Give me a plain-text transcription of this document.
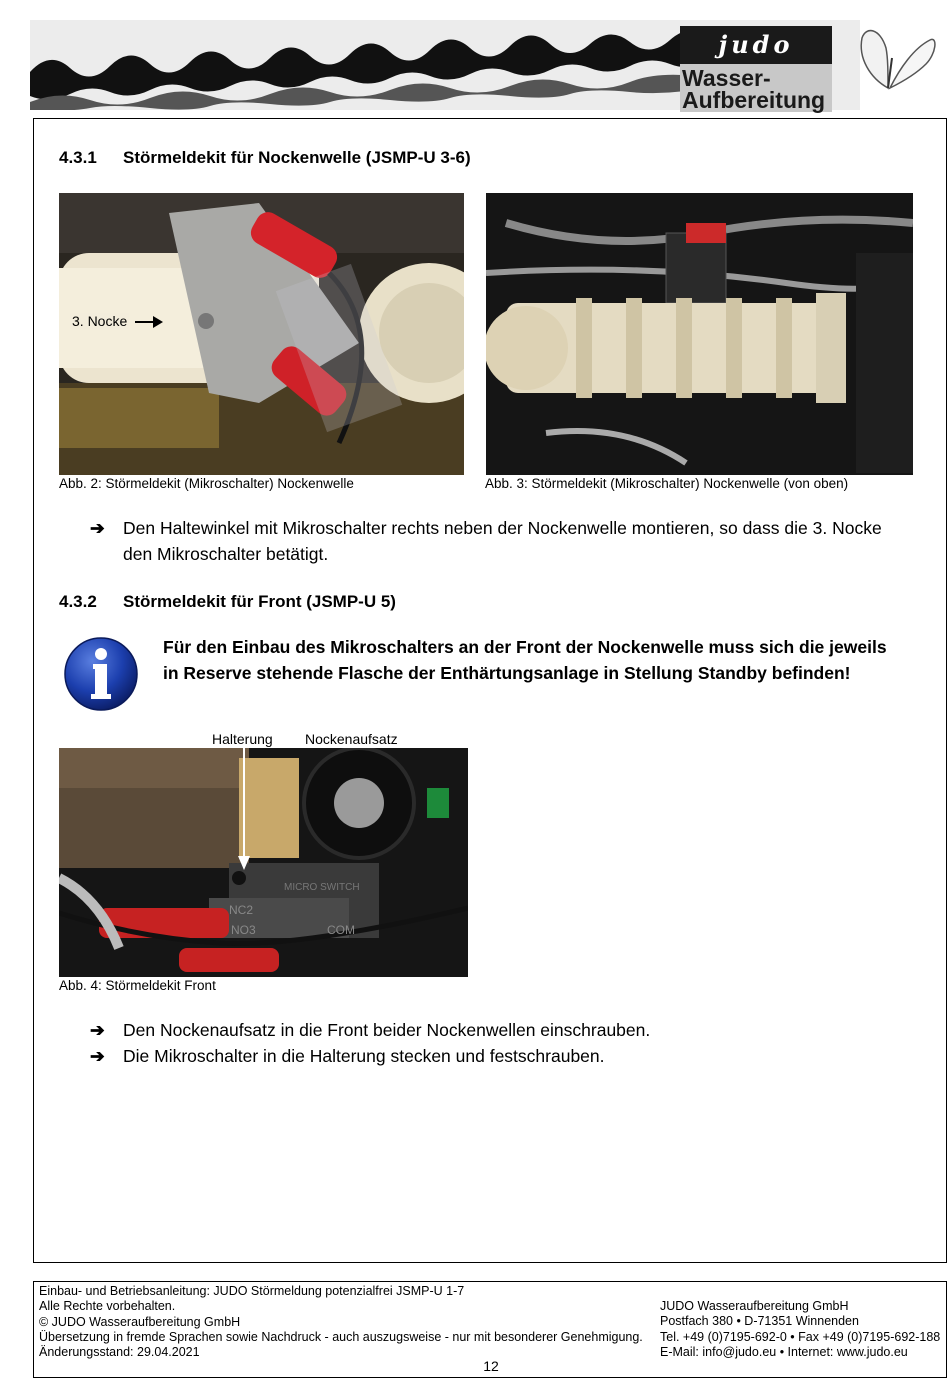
judo
Wasser-
Aufbereitung
4.3.1 Störmeldekit für Nockenwelle (JSMP-U 3-6)
3. Nocke
Abb. 2: Störmeldekit (Mikroschalter) Nockenwelle	Abb. 3: Störmeldekit (Mikroschalter) Nockenwelle (von oben)
➔ Den Haltewinkel mit Mikroschalter rechts neben der Nockenwelle montieren, so dass die 3. Nocke
den Mikroschalter betätigt.
4.3.2 Störmeldekit für Front (JSMP-U 5)
Für den Einbau des Mikroschalters an der Front der Nockenwelle muss sich die jeweils
in Reserve stehende Flasche der Enthärtungsanlage in Stellung Standby befinden!
Halterung Nockenaufsatz
MICRO SWITCH
NC2
NO3	COM
Abb. 4: Störmeldekit Front
➔ Den Nockenaufsatz in die Front beider Nockenwellen einschrauben.
➔ Die Mikroschalter in die Halterung stecken und festschrauben.
Einbau- und Betriebsanleitung: JUDO Störmeldung potenzialfrei JSMP-U 1-7
Alle Rechte vorbehalten.
© JUDO Wasseraufbereitung GmbH
Übersetzung in fremde Sprachen sowie Nachdruck - auch auszugsweise - nur mit besonderer Genehmigung.
Änderungsstand: 29.04.2021
JUDO Wasseraufbereitung GmbH
Postfach 380 • D-71351 Winnenden
Tel. +49 (0)7195-692-0 • Fax +49 (0)7195-692-188
E-Mail: info@judo.eu • Internet: www.judo.eu
12
